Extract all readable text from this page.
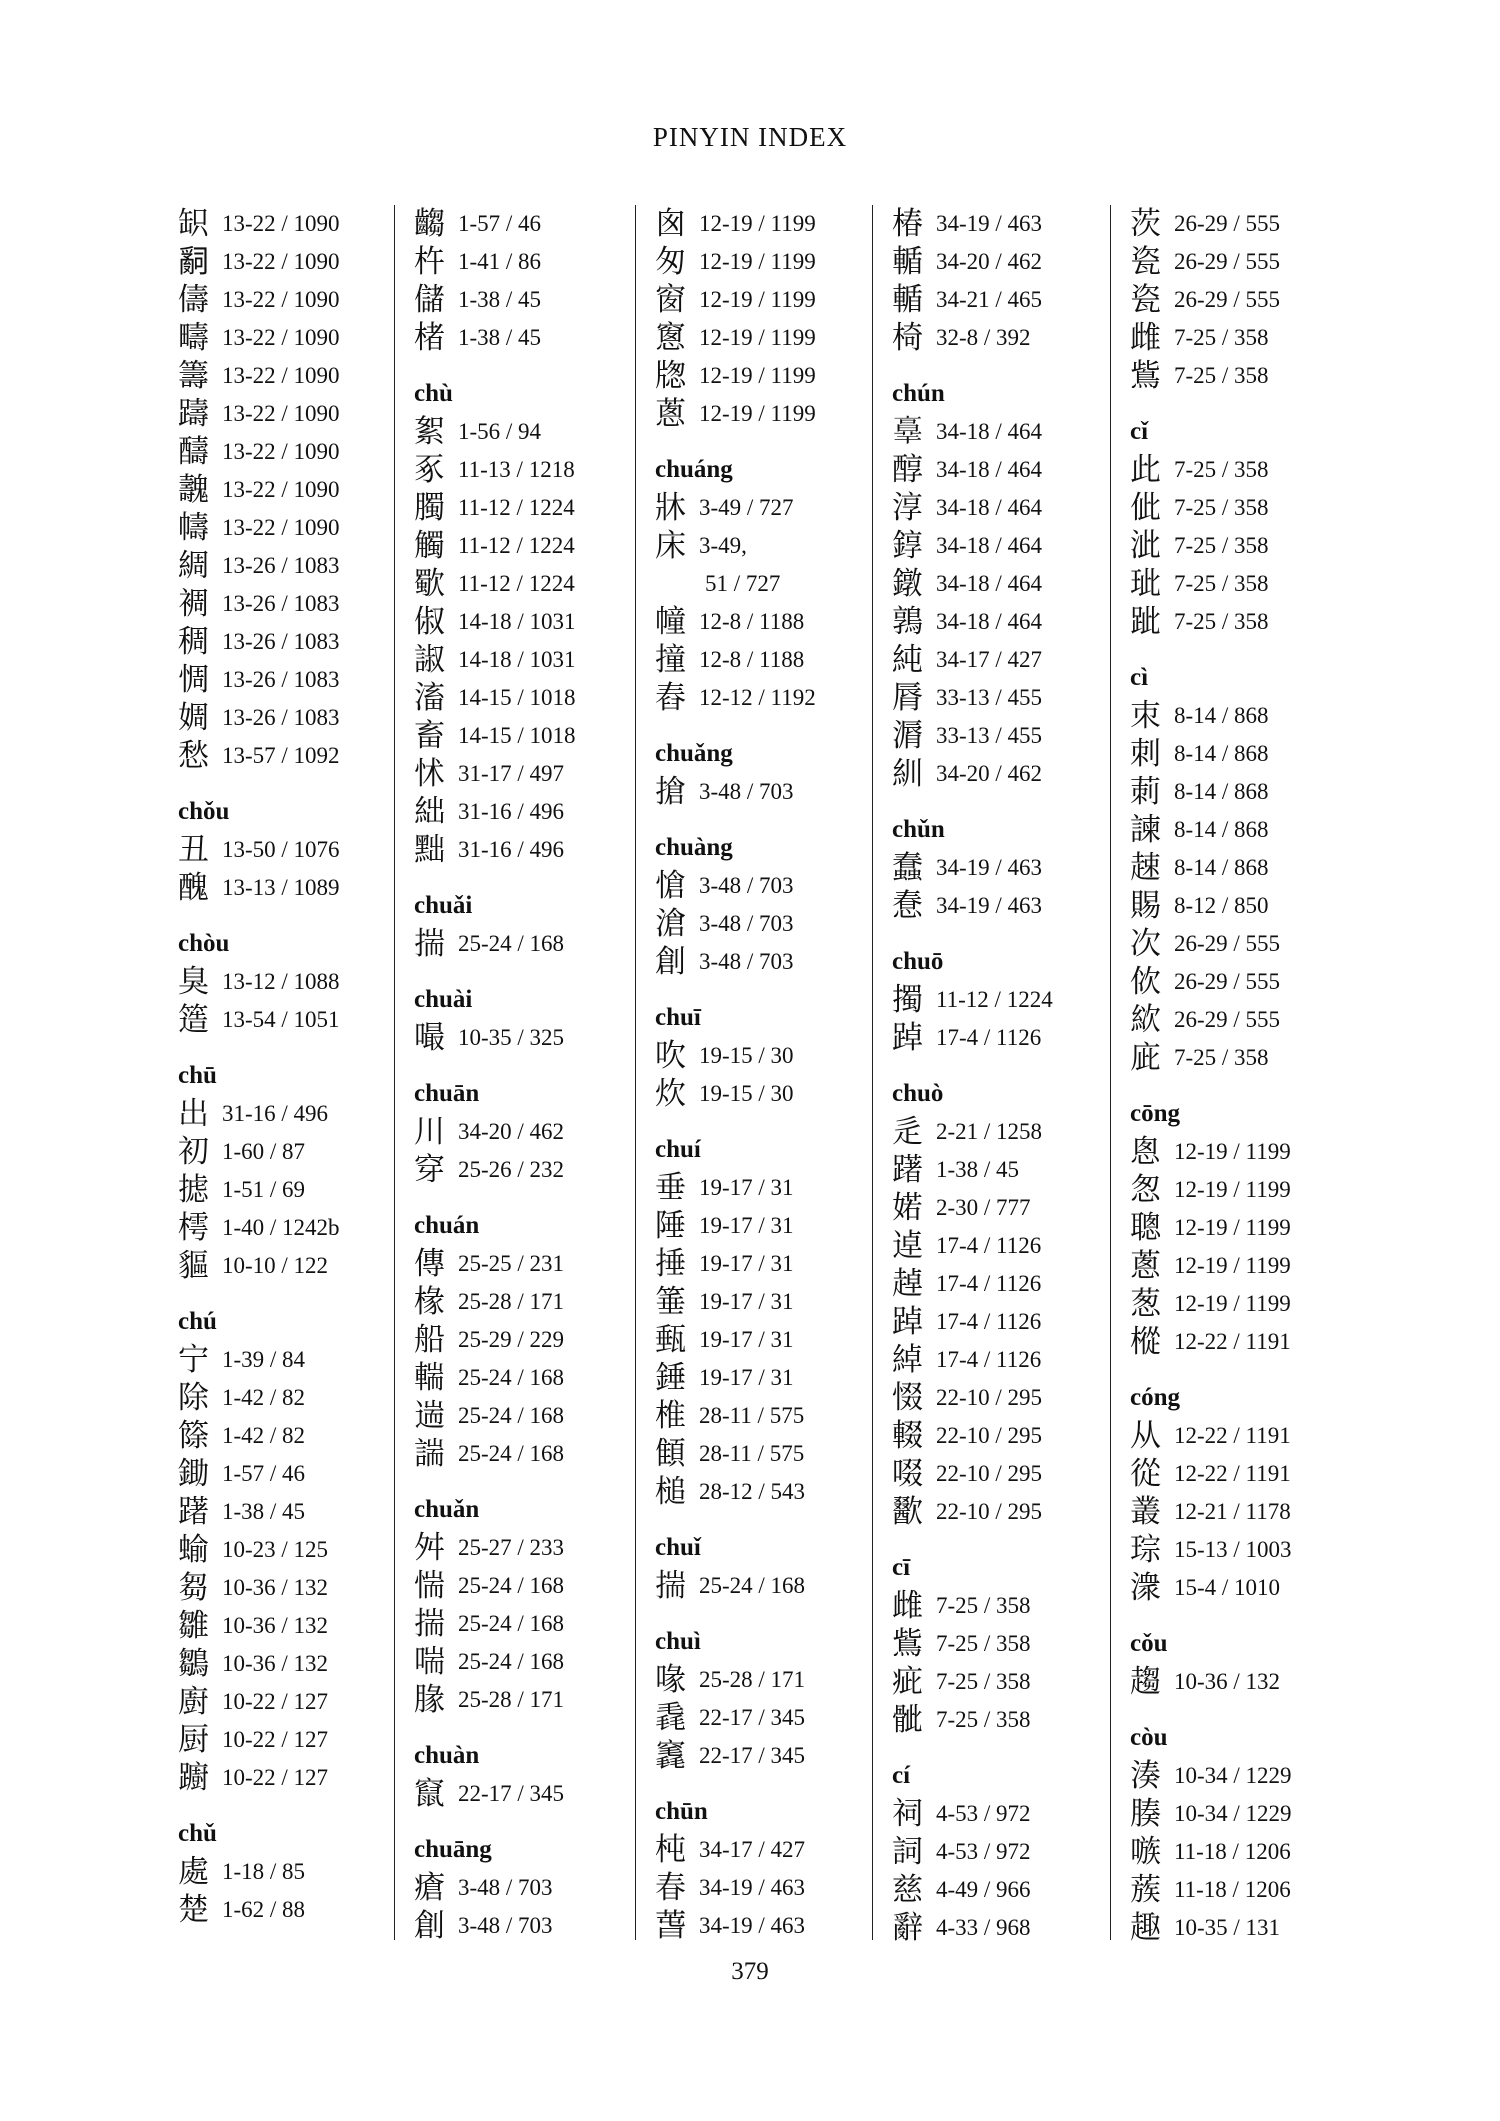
PINYIN INDEX
䍉 13-22 / 1090
𤔲 13-22 / 1090
儔 13-22 / 1090
疇 13-22 / 1090
籌 13-22 / 1090
躊 13-22 / 1090
醻 13-22 / 1090
魗 13-22 / 1090
幬 13-22 / 1090
綢 13-26 / 1083
裯 13-26 / 1083
稠 13-26 / 1083
惆 13-26 / 1083
婤 13-26 / 1083
愁 13-57 / 1092
chǒu
丑 13-50 / 1076
醜 13-13 / 1089
chòu
臭 13-12 / 1088
簉 13-54 / 1051
chū
出 31-16 / 496
初 1-60 / 87
摅 1-51 / 69
樗 1-40 / 1242b
貙 10-10 / 122
chú
宁 1-39 / 84
除 1-42 / 82
篨 1-42 / 82
鋤 1-57 / 46
躇 1-38 / 45
蝓 10-23 / 125
芻 10-36 / 132
雛 10-36 / 132
鶵 10-36 / 132
廚 10-22 / 127
厨 10-22 / 127
躕 10-22 / 127
chǔ
處 1-18 / 85
楚 1-62 / 88
齺 1-57 / 46
杵 1-41 / 86
儲 1-38 / 45
楮 1-38 / 45
chù
絮 1-56 / 94
豖 11-13 / 1218
臅 11-12 / 1224
觸 11-12 / 1224
歜 11-12 / 1224
俶 14-18 / 1031
諔 14-18 / 1031
滀 14-15 / 1018
畜 14-15 / 1018
怵 31-17 / 497
絀 31-16 / 496
黜 31-16 / 496
chuǎi
揣 25-24 / 168
chuài
嘬 10-35 / 325
chuān
川 34-20 / 462
穿 25-26 / 232
chuán
傳 25-25 / 231
椽 25-28 / 171
船 25-29 / 229
輲 25-24 / 168
遄 25-24 / 168
諯 25-24 / 168
chuǎn
舛 25-27 / 233
惴 25-24 / 168
揣 25-24 / 168
喘 25-24 / 168
腞 25-28 / 171
chuàn
竄 22-17 / 345
chuāng
瘡 3-48 / 703
創 3-48 / 703
囪 12-19 / 1199
匆 12-19 / 1199
窗 12-19 / 1199
窻 12-19 / 1199
牎 12-19 / 1199
蔥 12-19 / 1199
chuáng
牀 3-49 / 727
床 3-49,
51 / 727
幢 12-8 / 1188
撞 12-8 / 1188
舂 12-12 / 1192
chuǎng
搶 3-48 / 703
chuàng
愴 3-48 / 703
滄 3-48 / 703
創 3-48 / 703
chuī
吹 19-15 / 30
炊 19-15 / 30
chuí
垂 19-17 / 31
陲 19-17 / 31
捶 19-17 / 31
箠 19-17 / 31
甀 19-17 / 31
錘 19-17 / 31
椎 28-11 / 575
顀 28-11 / 575
槌 28-12 / 543
chuǐ
揣 25-24 / 168
chuì
喙 25-28 / 171
毳 22-17 / 345
竁 22-17 / 345
chūn
杶 34-17 / 427
春 34-19 / 463
萅 34-19 / 463
椿 34-19 / 463
輴 34-20 / 462
輴 34-21 / 465
椅 32-8 / 392
chún
𦎧 34-18 / 464
醇 34-18 / 464
淳 34-18 / 464
錞 34-18 / 464
鐓 34-18 / 464
鶉 34-18 / 464
純 34-17 / 427
脣 33-13 / 455
漘 33-13 / 455
紃 34-20 / 462
chǔn
蠢 34-19 / 463
惷 34-19 / 463
chuō
擉 11-12 / 1224
踔 17-4 / 1126
chuò
辵 2-21 / 1258
躇 1-38 / 45
婼 2-30 / 777
逴 17-4 / 1126
趠 17-4 / 1126
踔 17-4 / 1126
綽 17-4 / 1126
惙 22-10 / 295
輟 22-10 / 295
啜 22-10 / 295
歠 22-10 / 295
cī
雌 7-25 / 358
鴜 7-25 / 358
疵 7-25 / 358
骴 7-25 / 358
cí
祠 4-53 / 972
詞 4-53 / 972
慈 4-49 / 966
辭 4-33 / 968
茨 26-29 / 555
瓷 26-29 / 555
瓷 26-29 / 555
雌 7-25 / 358
鴜 7-25 / 358
cǐ
此 7-25 / 358
佌 7-25 / 358
泚 7-25 / 358
玼 7-25 / 358
跐 7-25 / 358
cì
朿 8-14 / 868
刺 8-14 / 868
莿 8-14 / 868
諫 8-14 / 868
趚 8-14 / 868
賜 8-12 / 850
次 26-29 / 555
佽 26-29 / 555
絘 26-29 / 555
庛 7-25 / 358
cōng
悤 12-19 / 1199
怱 12-19 / 1199
聰 12-19 / 1199
蔥 12-19 / 1199
葱 12-19 / 1199
樅 12-22 / 1191
cóng
从 12-22 / 1191
從 12-22 / 1191
叢 12-21 / 1178
琮 15-13 / 1003
潨 15-4 / 1010
cǒu
趨 10-36 / 132
còu
湊 10-34 / 1229
腠 10-34 / 1229
嗾 11-18 / 1206
蔟 11-18 / 1206
趣 10-35 / 131
379
